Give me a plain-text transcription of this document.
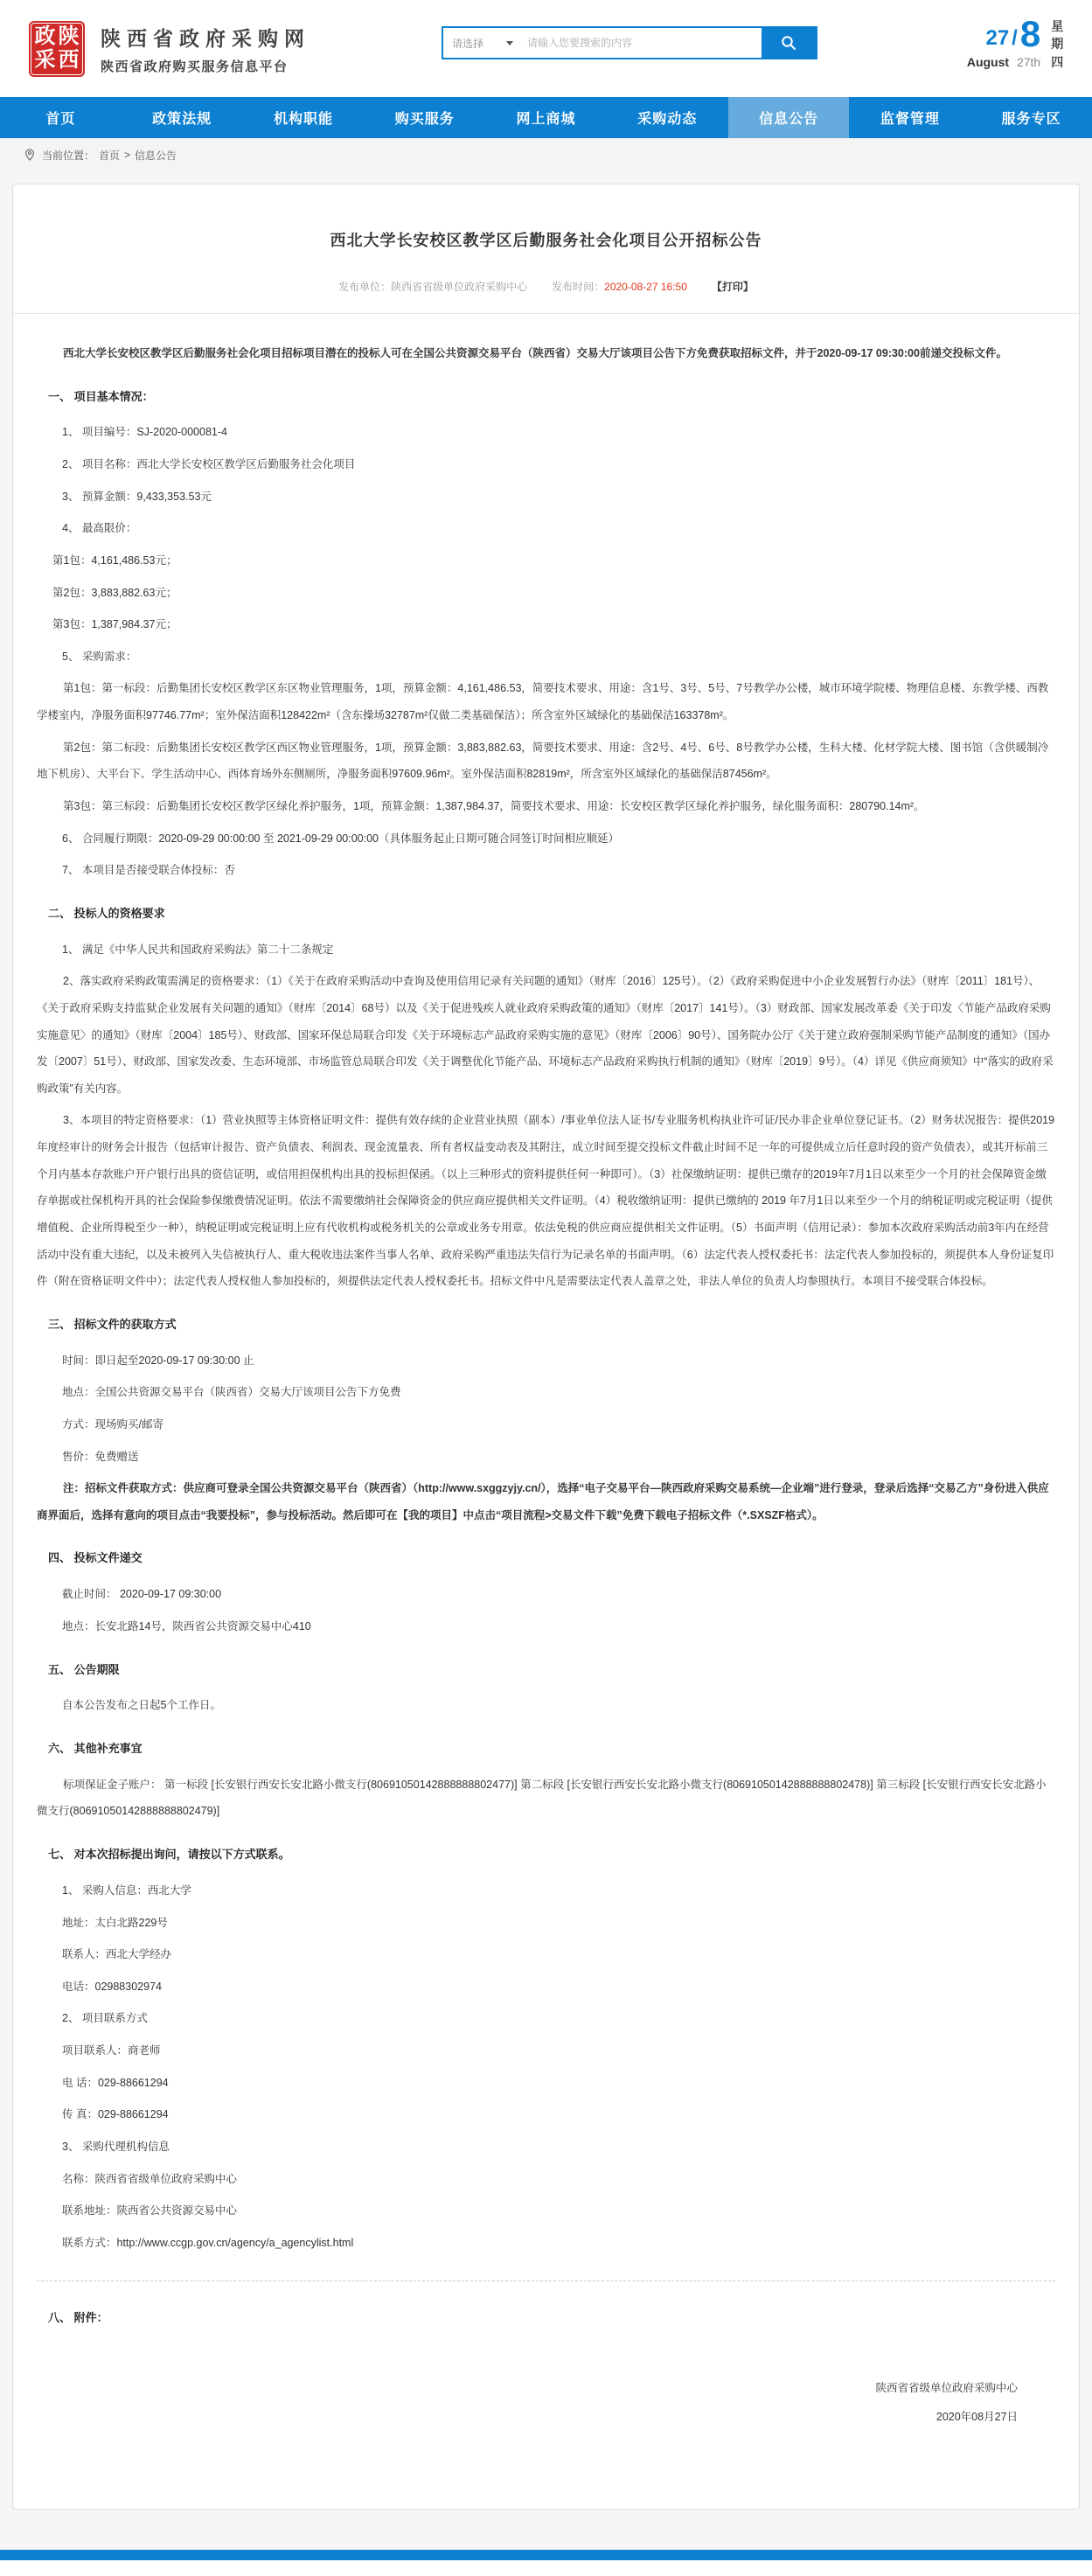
政 陕
采 西
陕西省政府采购网
陕西省政府购买服务信息平台
请选择
请输入您要搜索的内容	27 / 8
August 27th
星期四
首页	政策法规	机构职能	购买服务	网上商城	采购动态	信息公告	监督管理	服务专区
当前位置： 首页 > 信息公告
西北大学长安校区教学区后勤服务社会化项目公开招标公告
发布单位：陕西省省级单位政府采购中心 发布时间：2020-08-27 16:50 【打印】

西北大学长安校区教学区后勤服务社会化项目招标项目潜在的投标人可在全国公共资源交易平台（陕西省）交易大厅该项目公告下方免费获取招标文件，并于2020-09-17 09:30:00前递交投标文件。

一、 项目基本情况：

1、 项目编号：SJ-2020-000081-4

2、 项目名称：西北大学长安校区教学区后勤服务社会化项目

3、 预算金额：9,433,353.53元

4、 最高限价：

第1包：4,161,486.53元；

第2包：3,883,882.63元；

第3包：1,387,984.37元；

5、 采购需求：

第1包：第一标段：后勤集团长安校区教学区东区物业管理服务，1项，预算金额：4,161,486.53，简要技术要求、用途：含1号、3号、5号、7号教学办公楼，城市环境学院楼、物理信息楼、东教学楼、西教学楼室内，净服务面积97746.77m²；室外保洁面积128422m²（含东操场32787m²仅做二类基础保洁）；所含室外区域绿化的基础保洁163378m²。

第2包：第二标段：后勤集团长安校区教学区西区物业管理服务，1项，预算金额：3,883,882.63，简要技术要求、用途：含2号、4号、6号、8号教学办公楼，生科大楼、化材学院大楼、图书馆（含供暖制冷地下机房）、大平台下、学生活动中心、西体育场外东侧厕所，净服务面积97609.96m²。室外保洁面积82819m²，所含室外区域绿化的基础保洁87456m²。

第3包：第三标段：后勤集团长安校区教学区绿化养护服务，1项，预算金额：1,387,984.37，简要技术要求、用途：长安校区教学区绿化养护服务，绿化服务面积：280790.14m²。

6、 合同履行期限：2020-09-29 00:00:00 至 2021-09-29 00:00:00（具体服务起止日期可随合同签订时间相应顺延）

7、 本项目是否接受联合体投标：否

二、 投标人的资格要求

1、 满足《中华人民共和国政府采购法》第二十二条规定

2、落实政府采购政策需满足的资格要求：（1）《关于在政府采购活动中查询及使用信用记录有关问题的通知》（财库〔2016〕125号）。（2）《政府采购促进中小企业发展暂行办法》（财库〔2011〕181号）、《关于政府采购支持监狱企业发展有关问题的通知》（财库〔2014〕68号）以及《关于促进残疾人就业政府采购政策的通知》（财库〔2017〕141号）。（3）财政部、国家发展改革委《关于印发〈节能产品政府采购实施意见〉的通知》（财库〔2004〕185号）、财政部、国家环保总局联合印发《关于环境标志产品政府采购实施的意见》（财库〔2006〕90号）、国务院办公厅《关于建立政府强制采购节能产品制度的通知》（国办发〔2007〕51号）、财政部、国家发改委、生态环境部、市场监管总局联合印发《关于调整优化节能产品、环境标志产品政府采购执行机制的通知》（财库〔2019〕9号）。（4）详见《供应商须知》中“落实的政府采购政策”有关内容。

3、本项目的特定资格要求：（1）营业执照等主体资格证明文件：提供有效存续的企业营业执照（副本）/事业单位法人证书/专业服务机构执业许可证/民办非企业单位登记证书。（2）财务状况报告：提供2019年度经审计的财务会计报告（包括审计报告、资产负债表、利润表、现金流量表、所有者权益变动表及其附注，成立时间至提交投标文件截止时间不足一年的可提供成立后任意时段的资产负债表），或其开标前三个月内基本存款账户开户银行出具的资信证明，或信用担保机构出具的投标担保函。（以上三种形式的资料提供任何一种即可）。（3）社保缴纳证明：提供已缴存的2019年7月1日以来至少一个月的社会保障资金缴存单据或社保机构开具的社会保险参保缴费情况证明。依法不需要缴纳社会保障资金的供应商应提供相关文件证明。（4）税收缴纳证明：提供已缴纳的 2019 年7月1日以来至少一个月的纳税证明或完税证明（提供增值税、企业所得税至少一种），纳税证明或完税证明上应有代收机构或税务机关的公章或业务专用章。依法免税的供应商应提供相关文件证明。（5）书面声明（信用记录）：参加本次政府采购活动前3年内在经营活动中没有重大违纪，以及未被列入失信被执行人、重大税收违法案件当事人名单、政府采购严重违法失信行为记录名单的书面声明。（6）法定代表人授权委托书：法定代表人参加投标的，须提供本人身份证复印件（附在资格证明文件中）；法定代表人授权他人参加投标的，须提供法定代表人授权委托书。招标文件中凡是需要法定代表人盖章之处，非法人单位的负责人均参照执行。本项目不接受联合体投标。

三、 招标文件的获取方式

时间：即日起至2020-09-17 09:30:00 止

地点：全国公共资源交易平台（陕西省）交易大厅该项目公告下方免费

方式：现场购买/邮寄

售价：免费赠送

注：招标文件获取方式：供应商可登录全国公共资源交易平台（陕西省）（http://www.sxggzyjy.cn/），选择“电子交易平台—陕西政府采购交易系统—企业端”进行登录，登录后选择“交易乙方”身份进入供应商界面后，选择有意向的项目点击“我要投标”，参与投标活动。然后即可在【我的项目】中点击“项目流程>交易文件下载”免费下载电子招标文件（*.SXSZF格式）。

四、 投标文件递交

截止时间： 2020-09-17 09:30:00

地点：长安北路14号，陕西省公共资源交易中心410

五、 公告期限

自本公告发布之日起5个工作日。

六、 其他补充事宜

标项保证金子账户： 第一标段 [长安银行西安长安北路小微支行(80691050142888888802477)] 第二标段 [长安银行西安长安北路小微支行(80691050142888888802478)] 第三标段 [长安银行西安长安北路小微支行(80691050142888888802479)]

七、 对本次招标提出询问，请按以下方式联系。

1、 采购人信息：西北大学

地址：太白北路229号

联系人：西北大学经办

电话：02988302974

2、 项目联系方式

项目联系人：商老师

电 话：029-88661294

传 真：029-88661294

3、 采购代理机构信息

名称：陕西省省级单位政府采购中心

联系地址：陕西省公共资源交易中心

联系方式：http://www.ccgp.gov.cn/agency/a_agencylist.html

八、 附件：

陕西省省级单位政府采购中心
2020年08月27日
